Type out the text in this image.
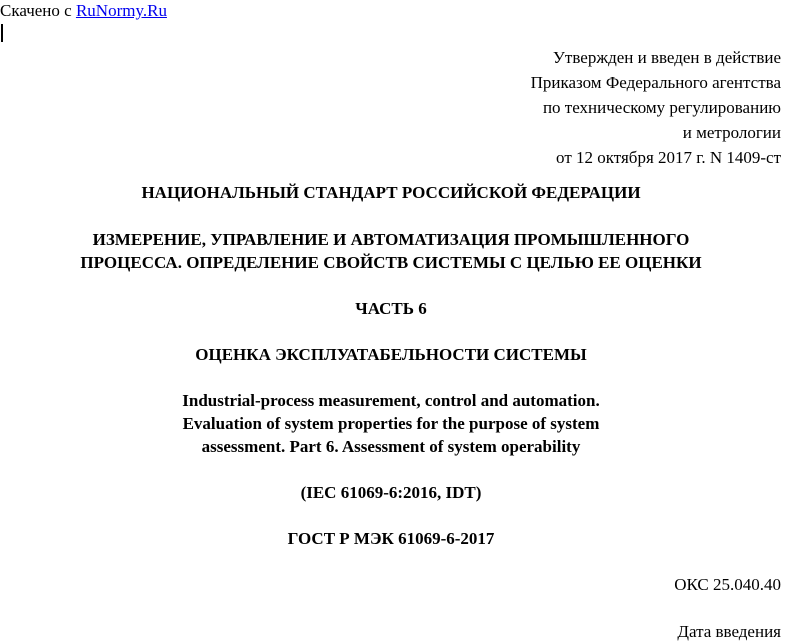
Скачено с RuNormy.Ru
Утвержден и введен в действие
Приказом Федерального агентства
по техническому регулированию
и метрологии
от 12 октября 2017 г. N 1409-ст
НАЦИОНАЛЬНЫЙ СТАНДАРТ РОССИЙСКОЙ ФЕДЕРАЦИИ
ИЗМЕРЕНИЕ, УПРАВЛЕНИЕ И АВТОМАТИЗАЦИЯ ПРОМЫШЛЕННОГО
ПРОЦЕССА. ОПРЕДЕЛЕНИЕ СВОЙСТВ СИСТЕМЫ С ЦЕЛЬЮ ЕЕ ОЦЕНКИ
ЧАСТЬ 6
ОЦЕНКА ЭКСПЛУАТАБЕЛЬНОСТИ СИСТЕМЫ
Industrial-process measurement, control and automation.
Evaluation of system properties for the purpose of system
assessment. Part 6. Assessment of system operability
(IEC 61069-6:2016, IDT)
ГОСТ Р МЭК 61069-6-2017
ОКС 25.040.40
Дата введения
